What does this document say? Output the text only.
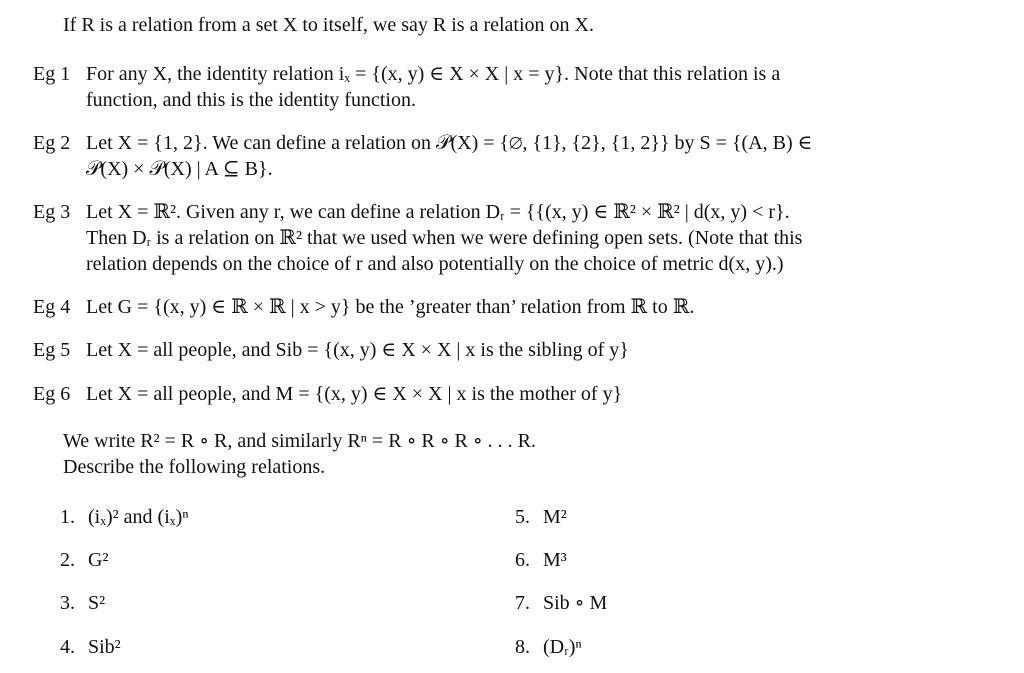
If R is a relation from a set X to itself, we say R is a relation on X.
Eg 1 For any X, the identity relation iₓ = {(x, y) ∈ X × X | x = y}. Note that this relation is a
function, and this is the identity function.
Eg 2 Let X = {1, 2}. We can define a relation on 𝒫(X) = {∅, {1}, {2}, {1, 2}} by S = {(A, B) ∈
𝒫(X) × 𝒫(X) | A ⊆ B}.
Eg 3 Let X = ℝ². Given any r, we can define a relation Dᵣ = {{(x, y) ∈ ℝ² × ℝ² | d(x, y) < r}.
Then Dᵣ is a relation on ℝ² that we used when we were defining open sets. (Note that this
relation depends on the choice of r and also potentially on the choice of metric d(x, y).)
Eg 4 Let G = {(x, y) ∈ ℝ × ℝ | x > y} be the ’greater than’ relation from ℝ to ℝ.
Eg 5 Let X = all people, and Sib = {(x, y) ∈ X × X | x is the sibling of y}
Eg 6 Let X = all people, and M = {(x, y) ∈ X × X | x is the mother of y}
We write R² = R ∘ R, and similarly Rⁿ = R ∘ R ∘ R ∘ . . . R.
Describe the following relations.
1. (iₓ)² and (iₓ)ⁿ
2. G²
3. S²
4. Sib²
5. M²
6. M³
7. Sib ∘ M
8. (Dᵣ)ⁿ
